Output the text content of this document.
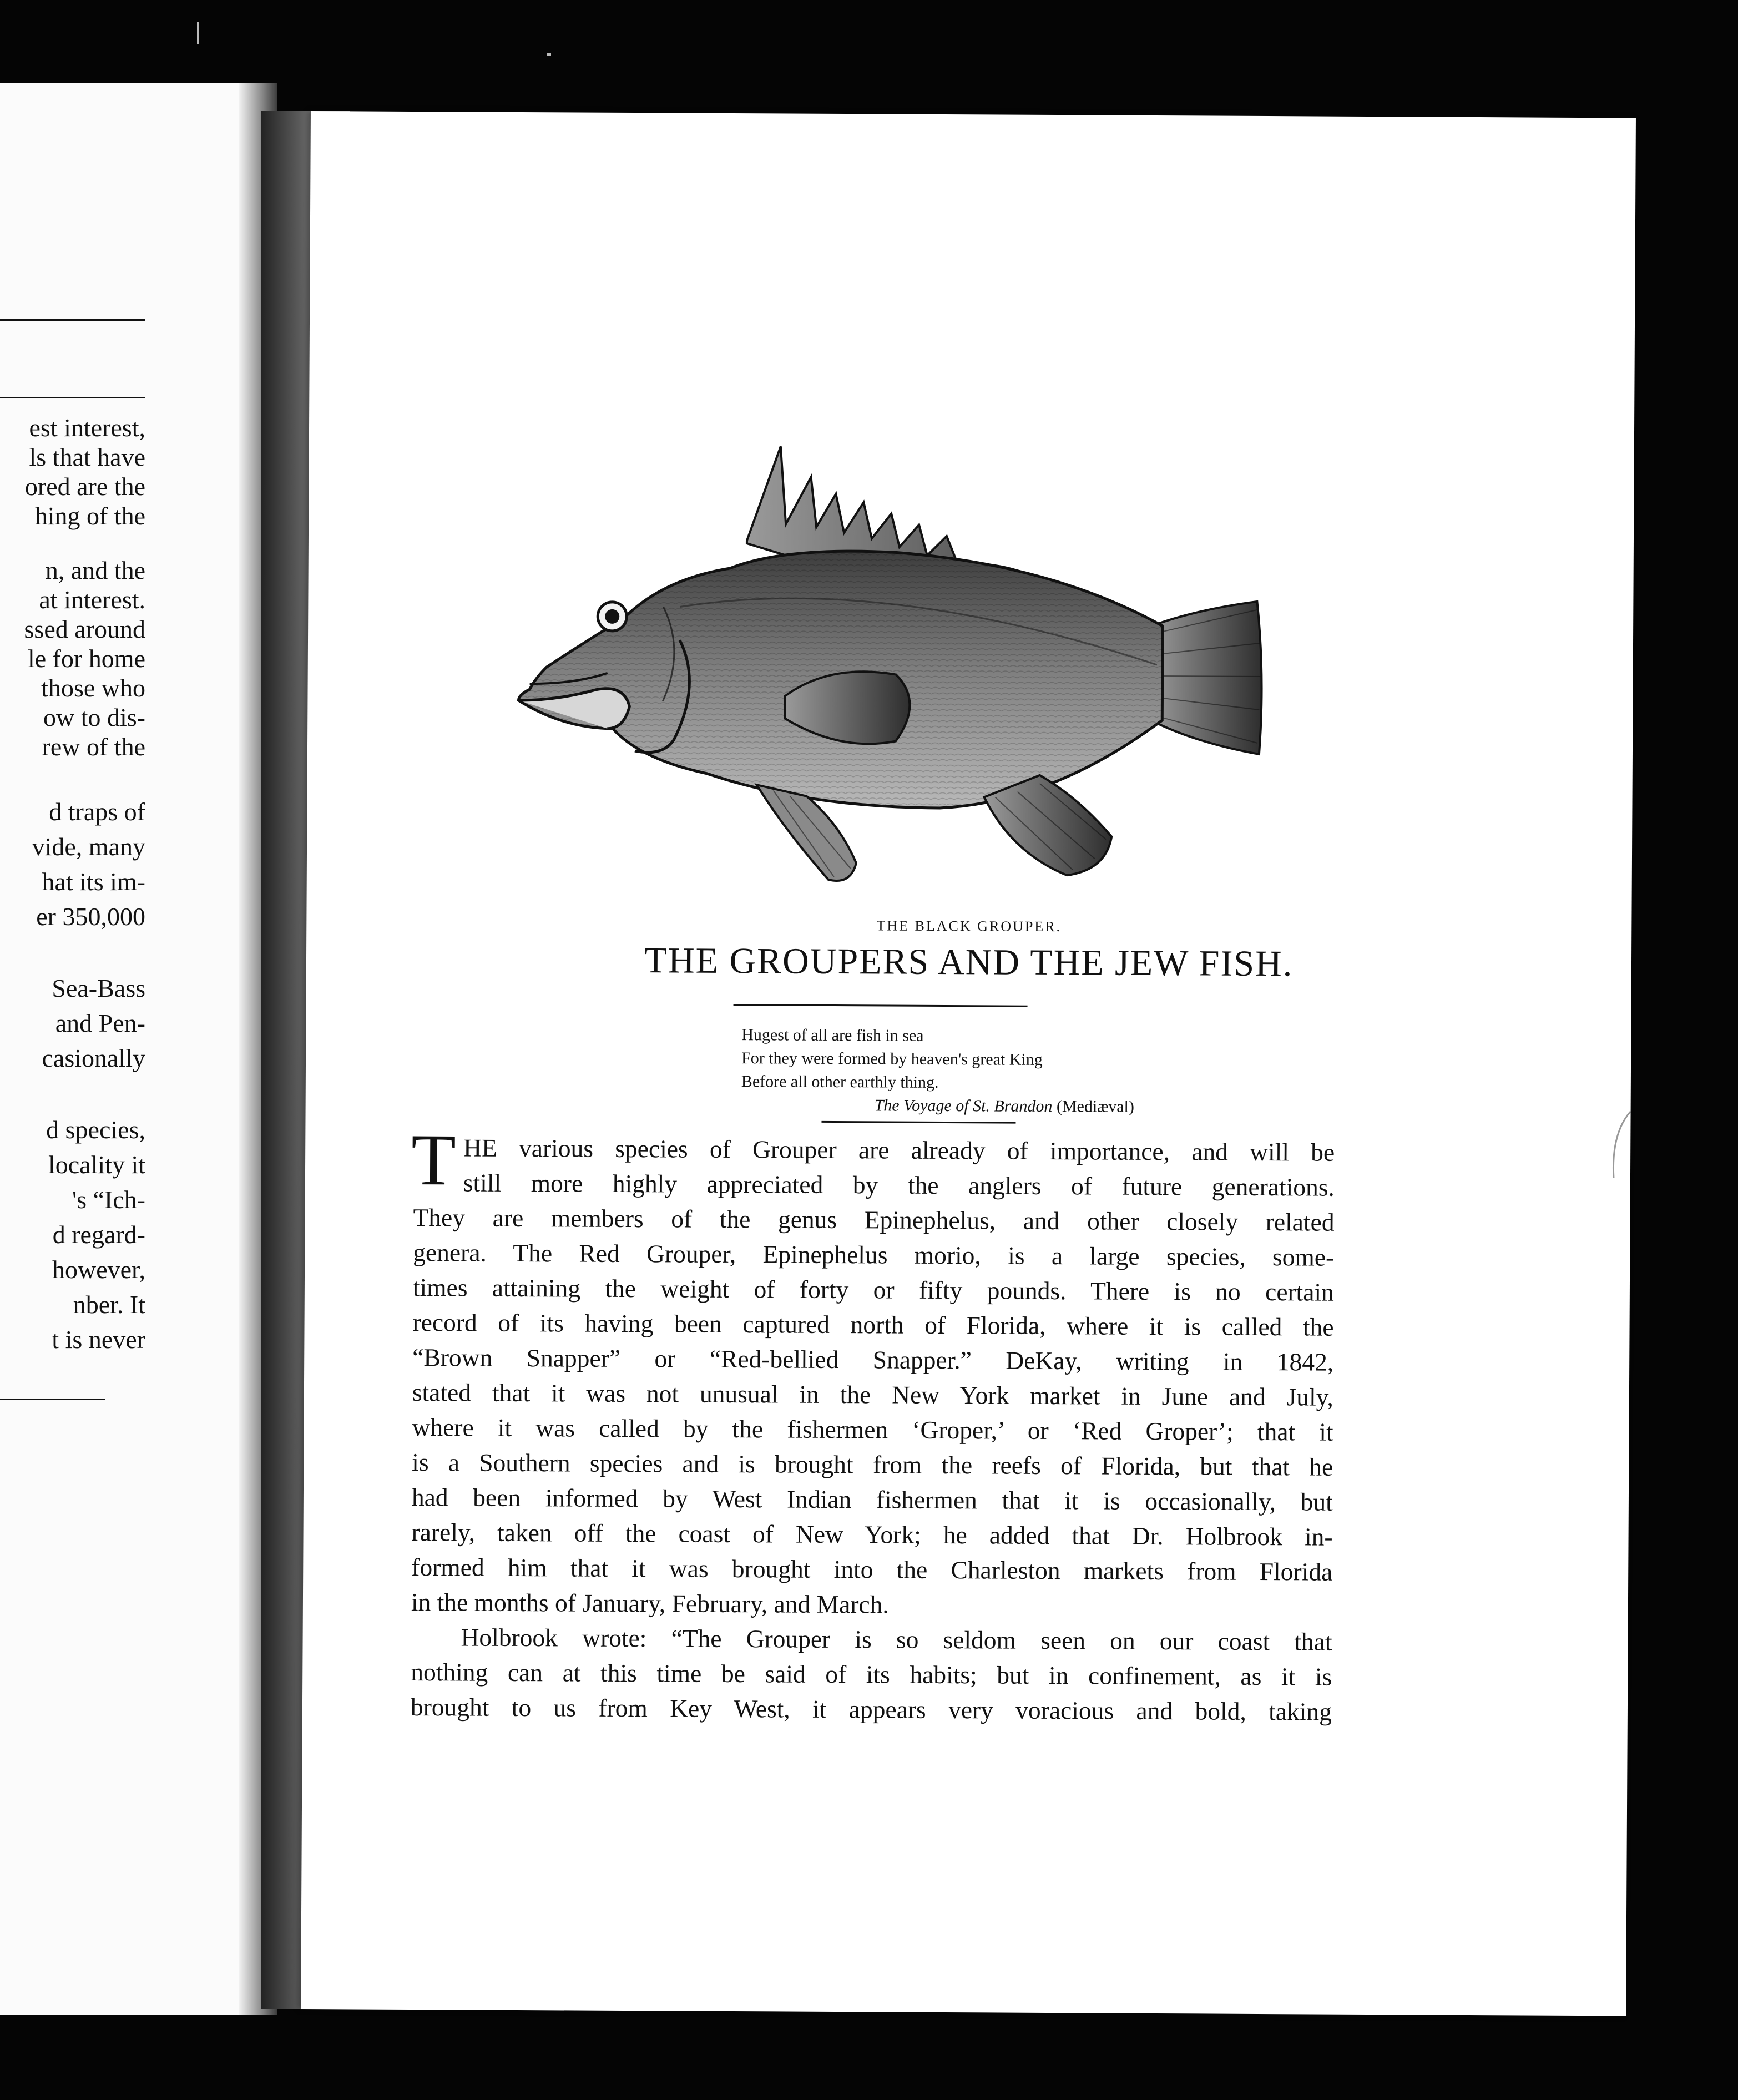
est interest,
ls that have
ored are the
hing of the
n, and the
at interest.
ssed around
le for home
those who
ow to dis-
rew of the
d traps of
vide, many
hat its im-
er 350,000
Sea-Bass
and Pen-
casionally
d species,
locality it
's “Ich-
d regard-
however,
nber. It
t is never
THE BLACK GROUPER.
THE GROUPERS AND THE JEW FISH.
Hugest of all are fish in sea
For they were formed by heaven's great King
Before all other earthly thing.
The Voyage of St. Brandon (Mediæval)
T HE various species of Grouper are already of importance, and will be
still more highly appreciated by the anglers of future generations.
They are members of the genus Epinephelus, and other closely related
genera. The Red Grouper, Epinephelus morio, is a large species, some-
times attaining the weight of forty or fifty pounds. There is no certain
record of its having been captured north of Florida, where it is called the
“Brown Snapper” or “Red-bellied Snapper.” DeKay, writing in 1842,
stated that it was not unusual in the New York market in June and July,
where it was called by the fishermen ‘Groper,’ or ‘Red Groper’; that it
is a Southern species and is brought from the reefs of Florida, but that he
had been informed by West Indian fishermen that it is occasionally, but
rarely, taken off the coast of New York; he added that Dr. Holbrook in-
formed him that it was brought into the Charleston markets from Florida
in the months of January, February, and March.
Holbrook wrote: “The Grouper is so seldom seen on our coast that
nothing can at this time be said of its habits; but in confinement, as it is
brought to us from Key West, it appears very voracious and bold, taking
